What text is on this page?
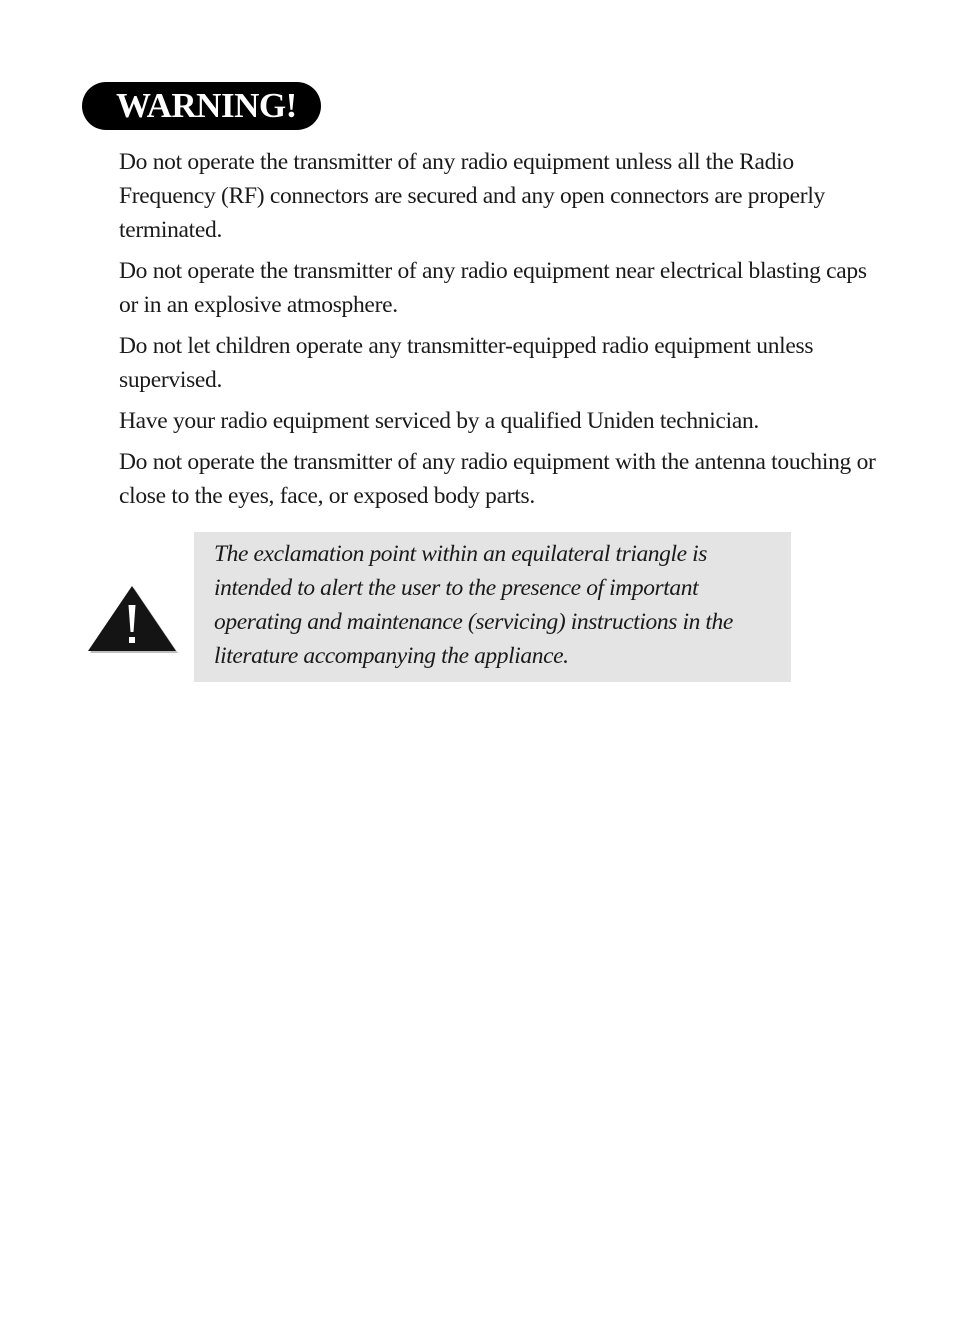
WARNING!

Do not operate the transmitter of any radio equipment unless all the Radio Frequency (RF) connectors are secured and any open connectors are properly terminated.

Do not operate the transmitter of any radio equipment near electrical blasting caps or in an explosive atmosphere.

Do not let children operate any transmitter-equipped radio equipment unless supervised.

Have your radio equipment serviced by a qualified Uniden technician.

Do not operate the transmitter of any radio equipment with the antenna touching or close to the eyes, face, or exposed body parts.

The exclamation point within an equilateral triangle is intended to alert the user to the presence of important operating and maintenance (servicing) instructions in the literature accompanying the appliance.
